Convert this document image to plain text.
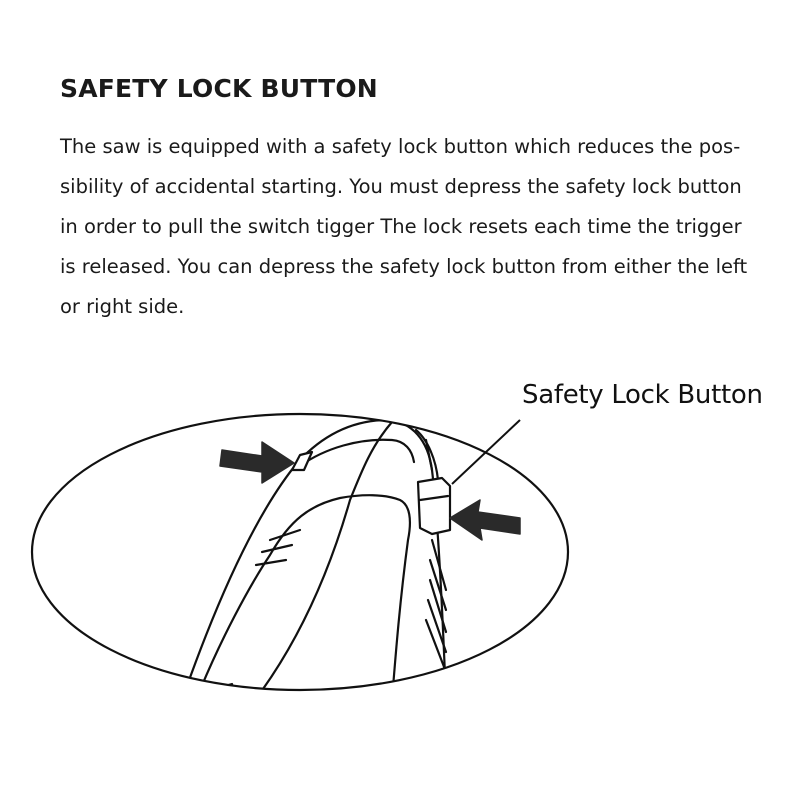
SAFETY LOCK BUTTON
The saw is equipped with a safety lock button which reduces the pos-
sibility of accidental starting. You must depress the safety lock button
in order to pull the switch tigger The lock resets each time the trigger
is released. You can depress the safety lock button from either the left
or right side.
Safety Lock Button
